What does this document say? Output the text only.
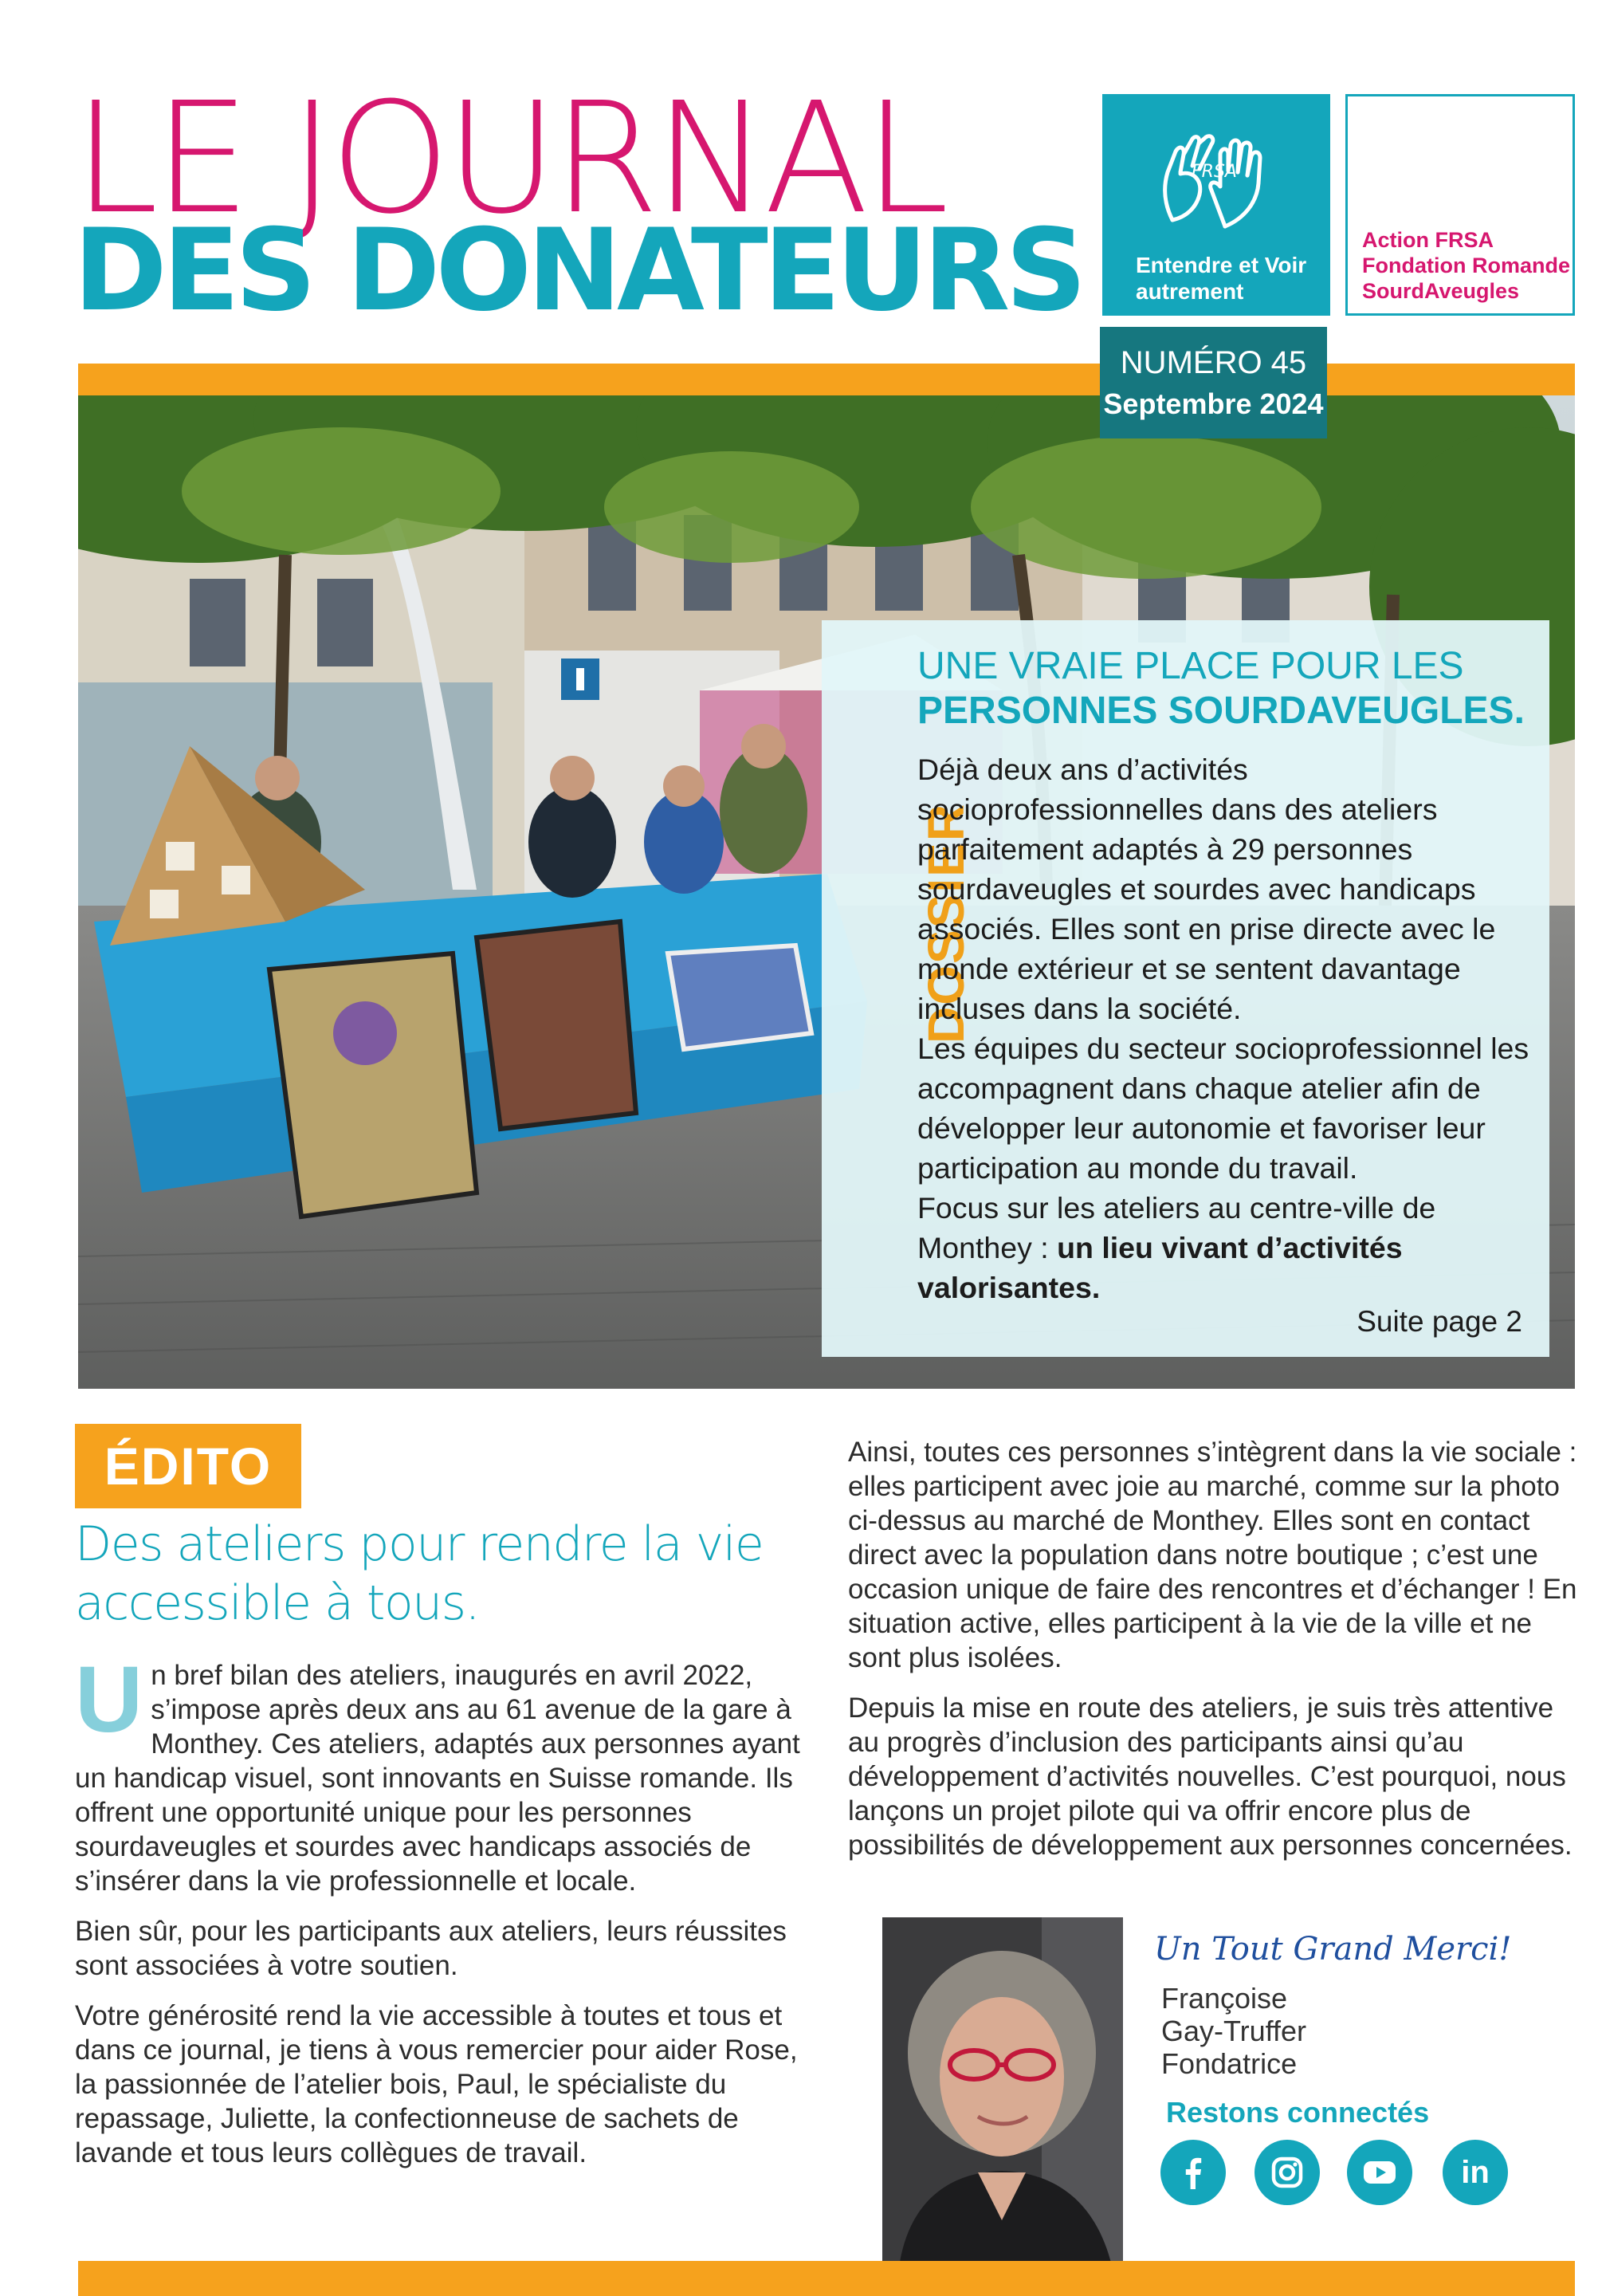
LE JOURNAL
DES DONATEURS
FRSA
Entendre et Voir autrement
Action FRSA
Fondation Romande
SourdAveugles
DOSSIER
UNE VRAIE PLACE POUR LES
PERSONNES SOURDAVEUGLES.

Déjà deux ans d’activités socioprofessionnelles dans des ateliers parfaitement adaptés à 29 personnes sourdaveugles et sourdes avec handicaps associés. Elles sont en prise directe avec le monde extérieur et se sentent davantage incluses dans la société.

Les équipes du secteur socioprofessionnel les accompagnent dans chaque atelier afin de développer leur autonomie et favoriser leur participation au monde du travail.

Focus sur les ateliers au centre-ville de Monthey : un lieu vivant d’activités valorisantes.

Suite page 2
NUMÉRO 45
Septembre 2024
ÉDITO
Des ateliers pour rendre la vie accessible à tous.

Un bref bilan des ateliers, inaugurés en avril 2022, s’impose après deux ans au 61 avenue de la gare à Monthey. Ces ateliers, adaptés aux personnes ayant un handicap visuel, sont innovants en Suisse romande. Ils offrent une opportunité unique pour les personnes sourdaveugles et sourdes avec handicaps associés de s’insérer dans la vie professionnelle et locale.

Bien sûr, pour les participants aux ateliers, leurs réussites sont associées à votre soutien.

Votre générosité rend la vie accessible à toutes et tous et dans ce journal, je tiens à vous remercier pour aider Rose, la passionnée de l’atelier bois, Paul, le spécialiste du repassage, Juliette, la confectionneuse de sachets de lavande et tous leurs collègues de travail.

Ainsi, toutes ces personnes s’intègrent dans la vie sociale : elles participent avec joie au marché, comme sur la photo ci-dessus au marché de Monthey. Elles sont en contact direct avec la population dans notre boutique ; c’est une occasion unique de faire des rencontres et d’échanger ! En situation active, elles participent à la vie de la ville et ne sont plus isolées.

Depuis la mise en route des ateliers, je suis très attentive au progrès d’inclusion des participants ainsi qu’au développement d’activités nouvelles. C’est pourquoi, nous lançons un projet pilote qui va offrir encore plus de possibilités de développement aux personnes concernées.

Un Tout Grand Merci!
Françoise
Gay-Truffer
Fondatrice
Restons connectés
in
